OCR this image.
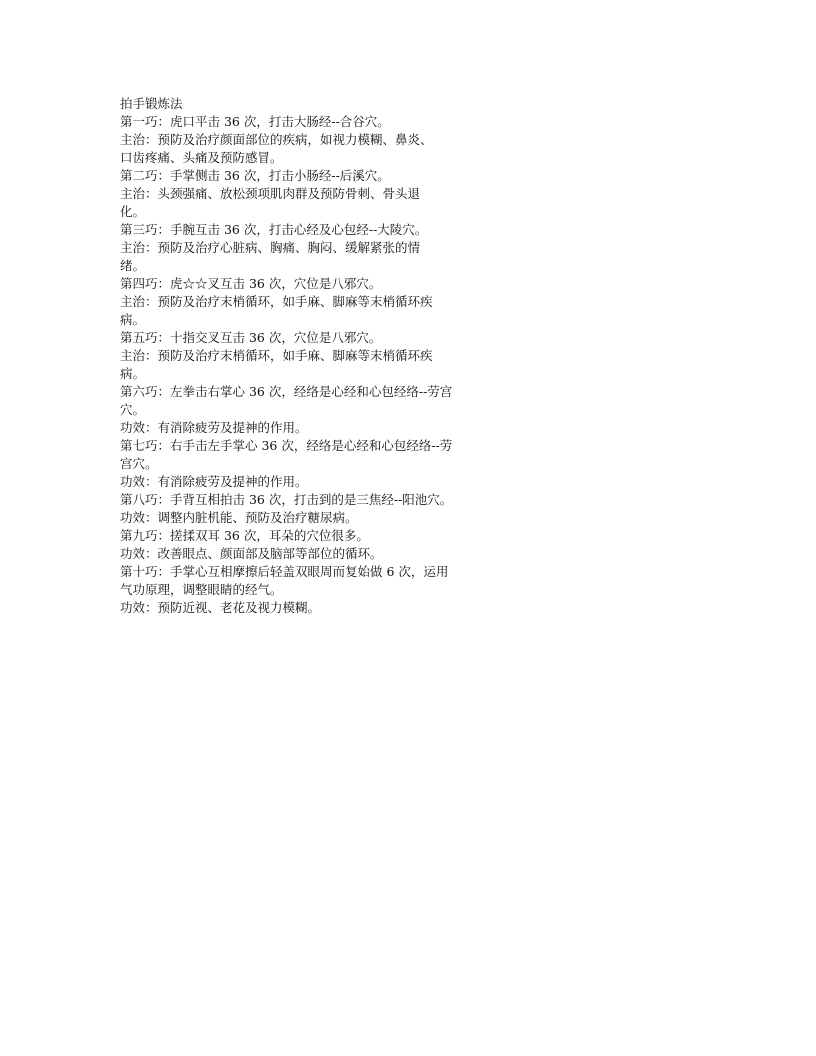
拍手锻炼法
第一巧：虎口平击 36 次，打击大肠经--合谷穴。
主治：预防及治疗颜面部位的疾病，如视力模糊、鼻炎、
口齿疼痛、头痛及预防感冒。
第二巧：手掌侧击 36 次，打击小肠经--后溪穴。
主治：头颈强痛、放松颈项肌肉群及预防骨刺、骨头退
化。
第三巧：手腕互击 36 次，打击心经及心包经--大陵穴。
主治：预防及治疗心脏病、胸痛、胸闷、缓解紧张的情
绪。
第四巧：虎☆☆叉互击 36 次，穴位是八邪穴。
主治：预防及治疗末梢循环，如手麻、脚麻等末梢循环疾
病。
第五巧：十指交叉互击 36 次，穴位是八邪穴。
主治：预防及治疗末梢循环，如手麻、脚麻等末梢循环疾
病。
第六巧：左拳击右掌心 36 次，经络是心经和心包经络--劳宫
穴。
功效：有消除疲劳及提神的作用。
第七巧：右手击左手掌心 36 次，经络是心经和心包经络--劳
宫穴。
功效：有消除疲劳及提神的作用。
第八巧：手背互相拍击 36 次，打击到的是三焦经--阳池穴。
功效：调整内脏机能、预防及治疗糖尿病。
第九巧：搓揉双耳 36 次，耳朵的穴位很多。
功效：改善眼点、颜面部及脑部等部位的循环。
第十巧：手掌心互相摩擦后轻盖双眼周而复始做 6 次，运用
气功原理，调整眼睛的经气。
功效：预防近视、老花及视力模糊。
